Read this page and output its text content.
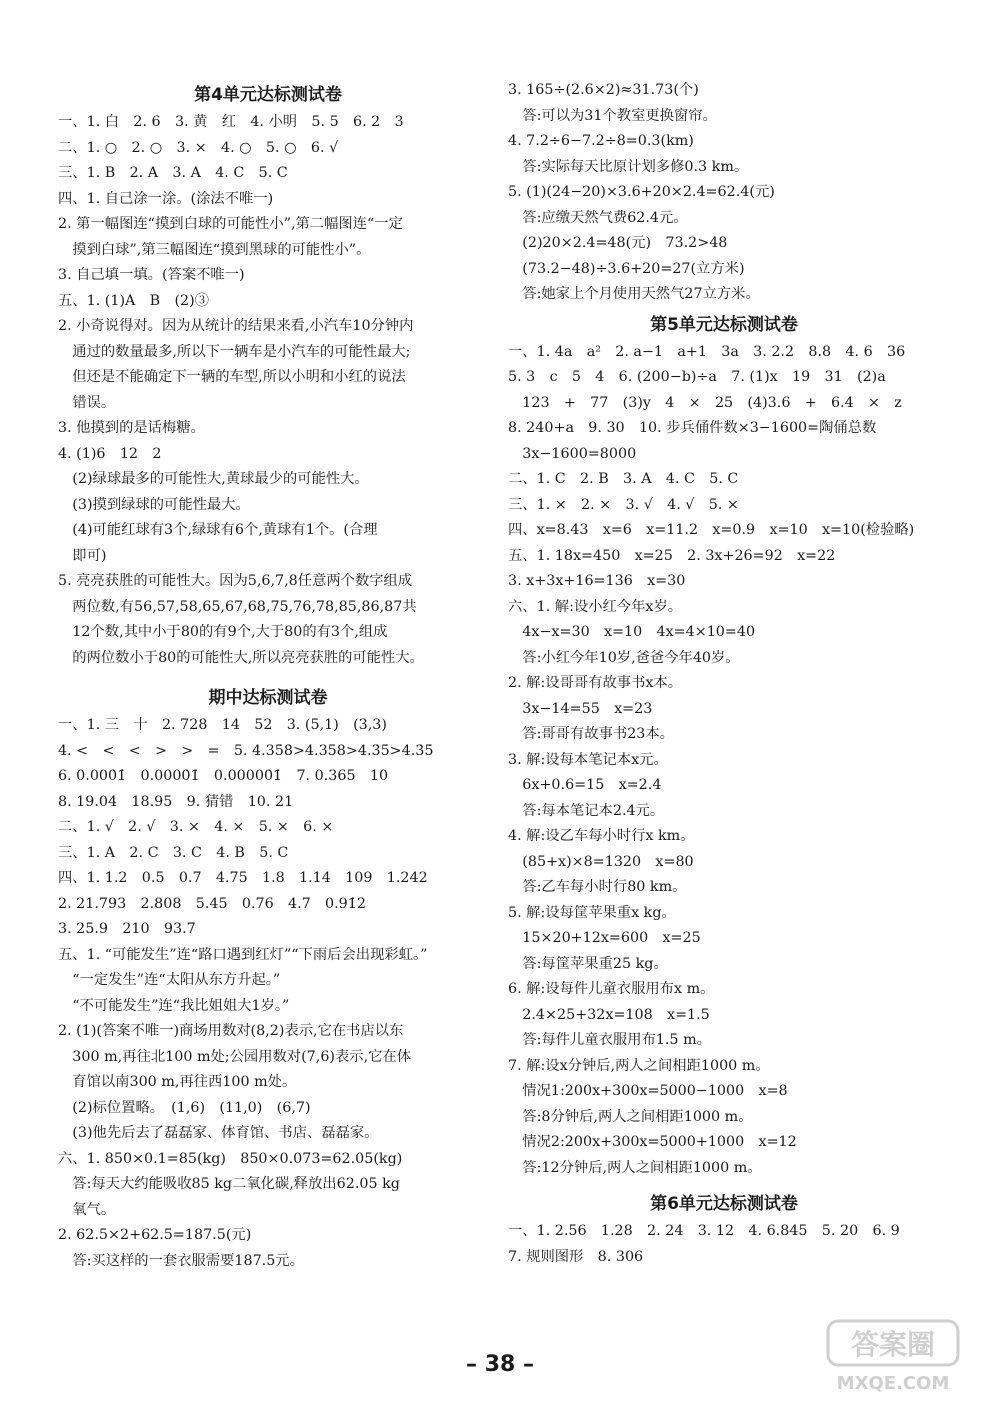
第4单元达标测试卷
一、1. 白　2. 6　3. 黄　红　4. 小明　5. 5　6. 2　3
二、1. ○　2. ○　3. ×　4. ○　5. ○　6. √
三、1. B　2. A　3. A　4. C　5. C
四、1. 自己涂一涂。(涂法不唯一)
2. 第一幅图连“摸到白球的可能性小”,第二幅图连“一定
　摸到白球”,第三幅图连“摸到黑球的可能性小”。
3. 自己填一填。(答案不唯一)
五、1. (1)A　B　(2)③
2. 小奇说得对。因为从统计的结果来看,小汽车10分钟内
　通过的数量最多,所以下一辆车是小汽车的可能性最大;
　但还是不能确定下一辆的车型,所以小明和小红的说法
　错误。
3. 他摸到的是话梅糖。
4. (1)6　12　2
　(2)绿球最多的可能性大,黄球最少的可能性大。
　(3)摸到绿球的可能性最大。
　(4)可能红球有3个,绿球有6个,黄球有1个。(合理
　即可)
5. 亮亮获胜的可能性大。因为5,6,7,8任意两个数字组成
　两位数,有56,57,58,65,67,68,75,76,78,85,86,87共
　12个数,其中小于80的有9个,大于80的有3个,组成
　的两位数小于80的可能性大,所以亮亮获胜的可能性大。
期中达标测试卷
一、1. 三　十　2. 728　14　52　3. (5,1)　(3,3)
4. <　<　<　>　>　=　5. 4.35̇8̇>4.358>4.3̇5̇>4.3̇5̇
6. 0.000̇1̇　0.0000̇1̇　0.00000̇1̇　7. 0.365　10
8. 19.04　18.95　9. 猜错　10. 21
二、1. √　2. √　3. ×　4. ×　5. ×　6. ×
三、1. A　2. C　3. C　4. B　5. C
四、1. 1.2　0.5　0.7　4.75　1.8　1.14　109　1.242
2. 21.793　2.808　5.45　0.76　4.7　0.91̇2̇
3. 25.9　210　93.7
五、1. “可能发生”连“路口遇到红灯”“下雨后会出现彩虹。”
　“一定发生”连“太阳从东方升起。”
　“不可能发生”连“我比姐姐大1岁。”
2. (1)(答案不唯一)商场用数对(8,2)表示,它在书店以东
　300 m,再往北100 m处;公园用数对(7,6)表示,它在体
　育馆以南300 m,再往西100 m处。
　(2)标位置略。　(1,6)　(11,0)　(6,7)
　(3)他先后去了磊磊家、体育馆、书店、磊磊家。
六、1. 850×0.1=85(kg)　850×0.073=62.05(kg)
　答:每天大约能吸收85 kg二氧化碳,释放出62.05 kg
　氧气。
2. 62.5×2+62.5=187.5(元)
　答:买这样的一套衣服需要187.5元。
3. 165÷(2.6×2)≈31.73(个)
　答:可以为31个教室更换窗帘。
4. 7.2÷6−7.2÷8=0.3(km)
　答:实际每天比原计划多修0.3 km。
5. (1)(24−20)×3.6+20×2.4=62.4(元)
　答:应缴天然气费62.4元。
　(2)20×2.4=48(元)　73.2>48
　(73.2−48)÷3.6+20=27(立方米)
　答:她家上个月使用天然气27立方米。
第5单元达标测试卷
一、1. 4a　a²　2. a−1　a+1　3a　3. 2.2　8.8　4. 6　36
5. 3　c　5　4　6. (200−b)÷a　7. (1)x　19　31　(2)a
　123　+　77　(3)y　4　×　25　(4)3.6　+　6.4　×　z
8. 240+a　9. 30　10. 步兵俑件数×3−1600=陶俑总数
　3x−1600=8000
二、1. C　2. B　3. A　4. C　5. C
三、1. ×　2. ×　3. √　4. √　5. ×
四、x=8.43　x=6　x=11.2　x=0.9　x=10　x=10(检验略)
五、1. 18x=450　x=25　2. 3x+26=92　x=22
3. x+3x+16=136　x=30
六、1. 解:设小红今年x岁。
　4x−x=30　x=10　4x=4×10=40
　答:小红今年10岁,爸爸今年40岁。
2. 解:设哥哥有故事书x本。
　3x−14=55　x=23
　答:哥哥有故事书23本。
3. 解:设每本笔记本x元。
　6x+0.6=15　x=2.4
　答:每本笔记本2.4元。
4. 解:设乙车每小时行x km。
　(85+x)×8=1320　x=80
　答:乙车每小时行80 km。
5. 解:设每筐苹果重x kg。
　15×20+12x=600　x=25
　答:每筐苹果重25 kg。
6. 解:设每件儿童衣服用布x m。
　2.4×25+32x=108　x=1.5
　答:每件儿童衣服用布1.5 m。
7. 解:设x分钟后,两人之间相距1000 m。
　情况1:200x+300x=5000−1000　x=8
　答:8分钟后,两人之间相距1000 m。
　情况2:200x+300x=5000+1000　x=12
　答:12分钟后,两人之间相距1000 m。
第6单元达标测试卷
一、1. 2.56　1.28　2. 24　3. 12　4. 6.845　5. 20　6. 9
7. 规则图形　8. 306
– 38 –
答案圈
MXQE.COM
